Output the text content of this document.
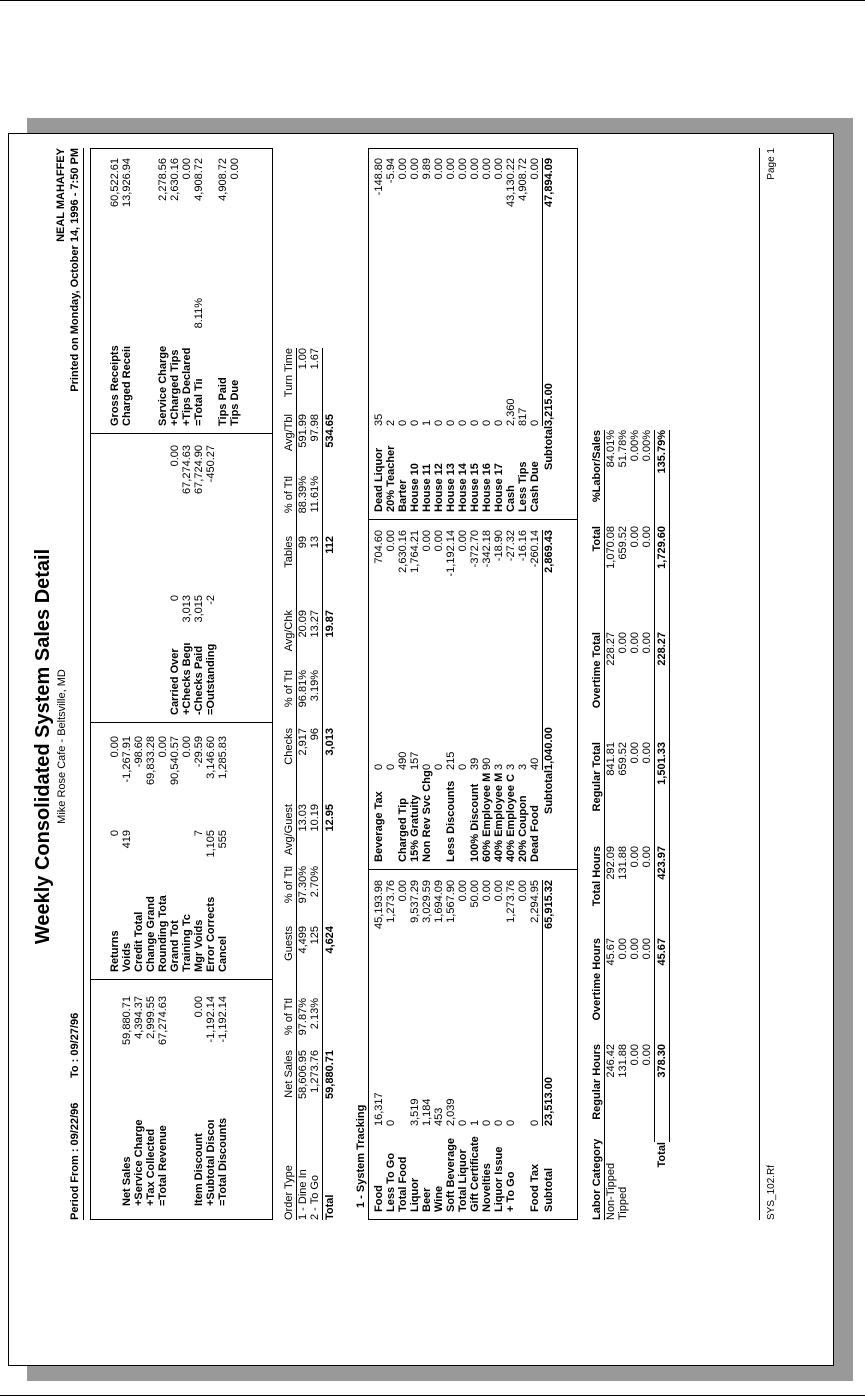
Weekly Consolidated System Sales Detail Mike Rose Cafe - Beltsville, MD
Period From : 09/22/96
To : 09/27/96
NEAL MAHAFFEY Printed on Monday, October 14, 1996 - 7:50 PM
Net Sales
59,880.71
+Service Charge
4,394.37
+Tax Collected
2,999.55
=Total Revenue
67,274.63
Item Discount
0.00
+Subtotal Discoι
-1,192.14
=Total Discounts
-1,192.14
Returns
0
0.00
Voids
419
-1,267.91
Credit Total
-98.60
Change Grand
69,833.28
Rounding Tota
0.00
Grand Tot
90,540.57
Training Tc
0.00
Mgr Voids
7
-29.59
Error Corrects
1,105
3,146.60
Cancel
555
1,285.83
Carried Over
0
0.00
+Checks Begι
3,013
67,274.63
-Checks Paid
3,015
67,724.90
=Outstanding
-2
-450.27
Gross Receipts
60,522.61
Charged Receiι
13,926.94
Service Charge
2,278.56
+Charged Tips
2,630.16
+Tips Declared
0.00
=Total Tiı
8.11%
4,908.72
Tips Paid
4,908.72
Tips Due
0.00
Order Type
Net Sales
% of Ttl
Guests
% of Ttl
Avg/Guest
Checks
% of Ttl
Avg/Chk
Tables
% of Ttl
Avg/Tbl
Turn Time
1 - Dine In
58,606.95
97.87%
4,499
97.30%
13.03
2,917
96.81%
20.09
99
88.39%
591.99
1.00
2 - To Go
1,273.76
2.13%
125
2.70%
10.19
96
3.19%
13.27
13
11.61%
97.98
1.67
Total
59,880.71
4,624
12.95
3,013
19.87
112
534.65
1 - System Tracking Food
16,317
45,193.98
Less To Go
0
1,273.76
Total Food
0.00
Liquor
3,519
9,537.29
Beer
1,184
3,029.59
Wine
453
1,694.09
Soft Beverage
2,039
1,567.90
Total Liquor
0
0.00
Gift Certificate
1
50.00
Novelties
0
0.00
Liquor Issue
0
0.00
+ To Go
0
1,273.76 0.00
Food Tax
0
2,294.95
Subtotal
23,513.00
65,915.32
Beverage Tax
0
704.60
0
0.00
Charged Tip
490
2,630.16
15% Gratuity
157
1,764.21
Non Rev Svc Chg
0
0.00
0
0.00
Less Discounts
215
-1,192.14
0
0.00
100% Discount
39
-372.70
60% Employee M
90
-342.18
40% Employee M
3
-18.90
40% Employee C
3
-27.32
20% Coupon
3
-16.16
Dead Food
40
-260.14
Subtotal
1,040.00
2,869.43
Dead Liquor
35
-148.80
20% Teacher
2
-5.94
Barter
0
0.00
House 10
0
0.00
House 11
1
9.89
House 12
0
0.00
House 13
0
0.00
House 14
0
0.00
House 15
0
0.00
House 16
0
0.00
House 17
0
0.00
Cash
2,360
43,130.22
Less Tips
817
4,908.72
Cash Due
0
0.00
Subtotal
3,215.00
47,894.09
Labor Category
Regular Hours
Overtime Hours
Total Hours
Regular Total
Overtime Total
Total
%Labor/Sales
Non-Tipped
246.42
45.67
292.09
841.81
228.27
1,070.08
84.01%
Tipped
131.88
0.00
131.88
659.52
0.00
659.52
51.78%
0.00
0.00
0.00
0.00
0.00
0.00
0.00%
0.00
0.00
0.00
0.00
0.00
0.00
0.00%
Total
378.30
45.67
423.97
1,501.33
228.27
1,729.60
135.79%
SYS_102.Rf
Page 1
